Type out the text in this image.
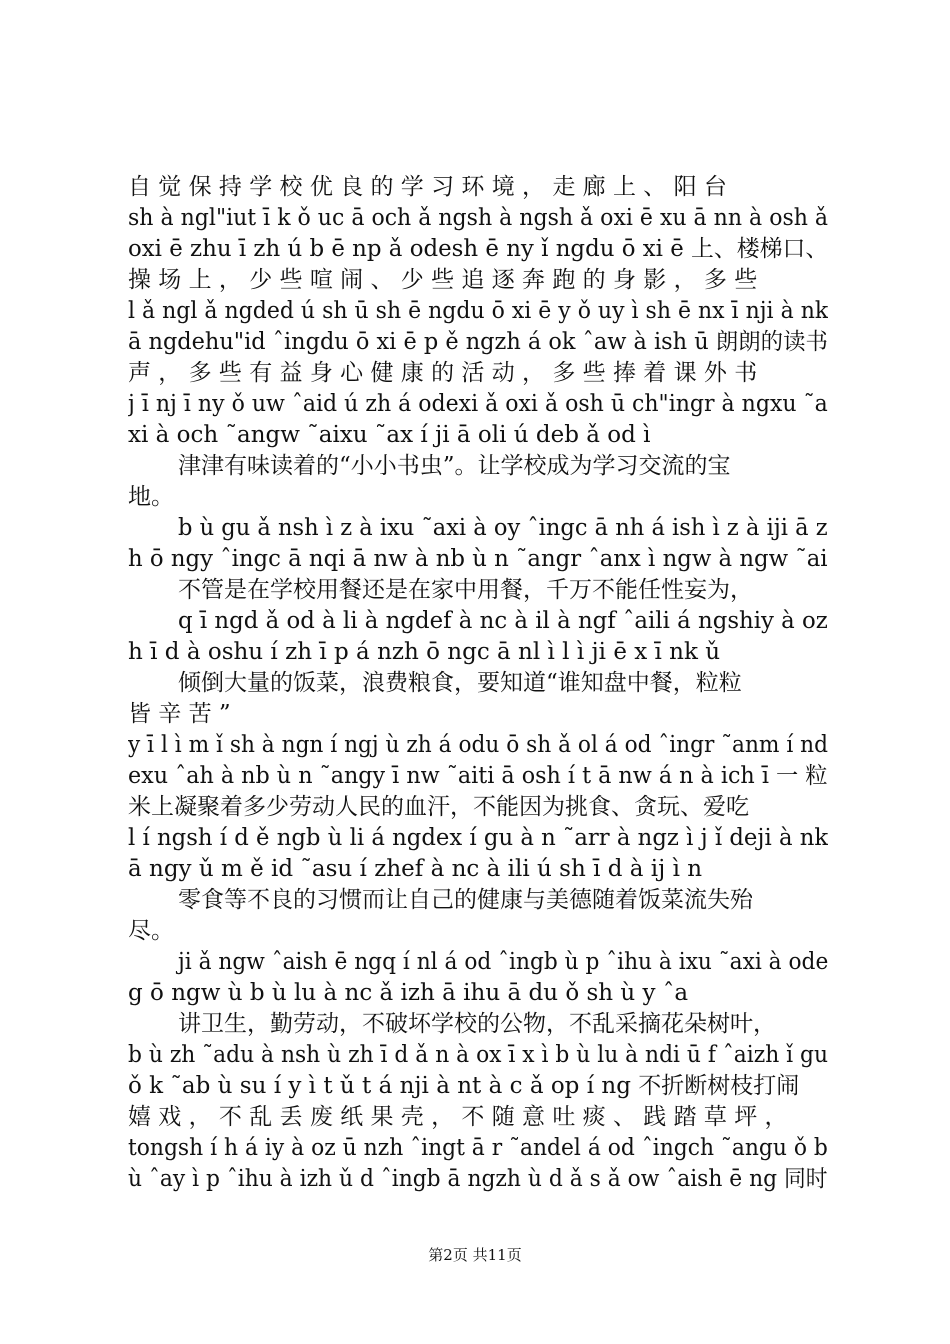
自 觉 保 持 学 校 优 良 的 学 习 环 境 ， 走 廊 上 、 阳 台
sh à ngl"iut ī k ǒ uc ā och ǎ ngsh à ngsh ǎ oxi ē xu ā nn à osh ǎ
oxi ē zhu ī zh ú b ē np ǎ odesh ē ny ǐ ngdu ō xi ē 上、楼梯口、
操 场 上 ， 少 些 喧 闹 、 少 些 追 逐 奔 跑 的 身 影 ， 多 些
l ǎ ngl ǎ ngded ú sh ū sh ē ngdu ō xi ē y ǒ uy ì sh ē nx ī nji à nk
ā ngdehu"id ˆingdu ō xi ē p ě ngzh á ok ˆaw à ish ū 朗朗的读书
声 ， 多 些 有 益 身 心 健 康 的 活 动 ， 多 些 捧 着 课 外 书
j ī nj ī ny ǒ uw ˆaid ú zh á odexi ǎ oxi ǎ osh ū ch"ingr à ngxu ˜a
xi à och ˜angw ˜aixu ˜ax í ji ā oli ú deb ǎ od ì
津津有味读着的“小小书虫”。让学校成为学习交流的宝
地。
b ù gu ǎ nsh ì z à ixu ˜axi à oy ˆingc ā nh á ish ì z à iji ā z
h ō ngy ˆingc ā nqi ā nw à nb ù n ˜angr ˆanx ì ngw à ngw ˜ai
不管是在学校用餐还是在家中用餐，千万不能任性妄为，
q ī ngd ǎ od à li à ngdef à nc à il à ngf ˆaili á ngshiy à oz
h ī d à oshu í zh ī p á nzh ō ngc ā nl ì l ì ji ē x ī nk ǔ
倾倒大量的饭菜，浪费粮食，要知道“谁知盘中餐，粒粒
皆 辛 苦 ”
y ī l ì m ǐ sh à ngn í ngj ù zh á odu ō sh ǎ ol á od ˆingr ˜anm í nd
exu ˆah à nb ù n ˜angy ī nw ˜aiti ā osh í t ā nw á n à ich ī 一 粒
米上凝聚着多少劳动人民的血汗，不能因为挑食、贪玩、爱吃
l í ngsh í d ě ngb ù li á ngdex í gu à n ˜arr à ngz ì j ǐ deji à nk
ā ngy ǔ m ě id ˜asu í zhef à nc à ili ú sh ī d à ij ì n
零食等不良的习惯而让自己的健康与美德随着饭菜流失殆
尽。
ji ǎ ngw ˆaish ē ngq í nl á od ˆingb ù p ˆihu à ixu ˜axi à ode
g ō ngw ù b ù lu à nc ǎ izh ā ihu ā du ǒ sh ù y ˆa
讲卫生，勤劳动，不破坏学校的公物，不乱采摘花朵树叶，
b ù zh ˜adu à nsh ù zh ī d ǎ n à ox ī x ì b ù lu à ndi ū f ˆaizh ǐ gu
ǒ k ˜ab ù su í y ì t ǔ t á nji à nt à c ǎ op í ng 不折断树枝打闹
嬉 戏 ， 不 乱 丢 废 纸 果 壳 ， 不 随 意 吐 痰 、 践 踏 草 坪 ，
tongsh í h á iy à oz ū nzh ˆingt ā r ˜andel á od ˆingch ˜angu ǒ b
ù ˆay ì p ˆihu à izh ǔ d ˆingb ā ngzh ù d ǎ s ǎ ow ˆaish ē ng 同时
第2页 共11页
